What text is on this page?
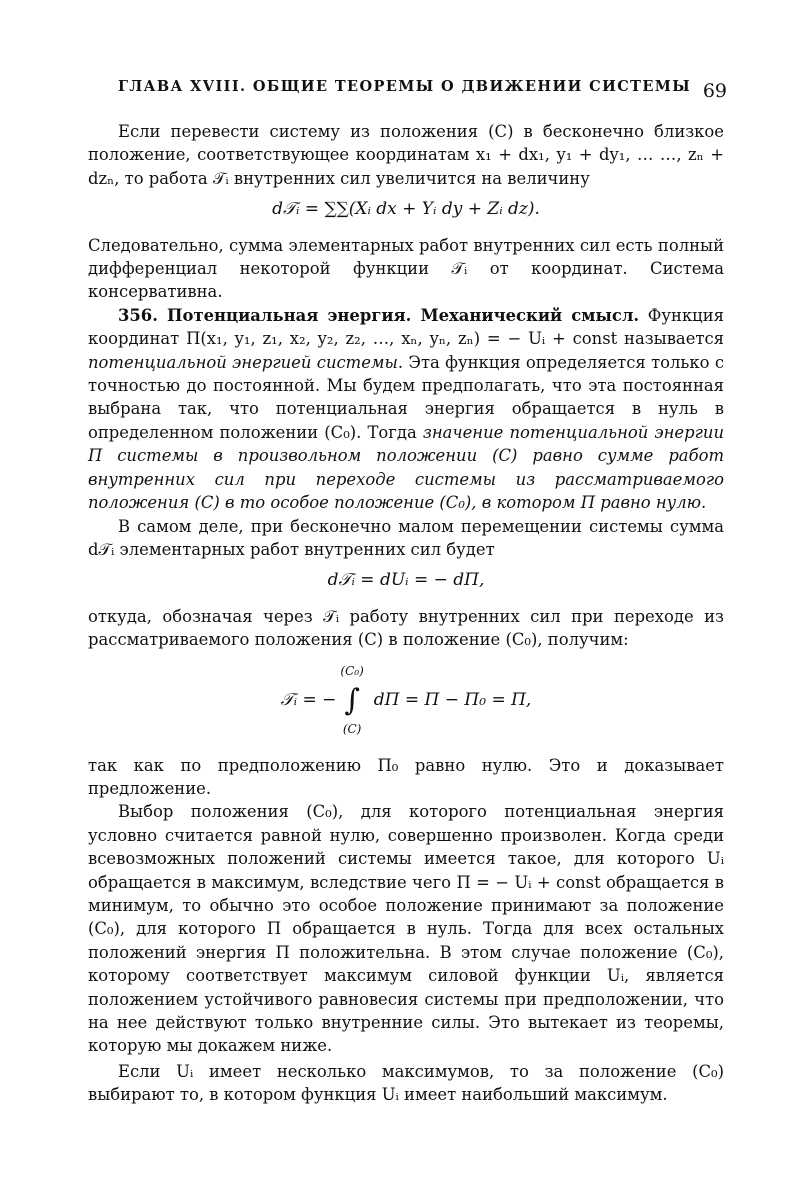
ГЛАВА XVIII. ОБЩИЕ ТЕОРЕМЫ О ДВИЖЕНИИ СИСТЕМЫ 69

Если перевести систему из положения (C) в бесконечно близкое положение, соответствующее координатам x₁ + dx₁, y₁ + dy₁, … …, zₙ + dzₙ, то работа 𝒯ᵢ внутренних сил увеличится на величину

d𝒯ᵢ = ∑∑(Xᵢ dx + Yᵢ dy + Zᵢ dz).

Следовательно, сумма элементарных работ внутренних сил есть полный дифференциал некоторой функции 𝒯ᵢ от координат. Система консервативна.

356. Потенциальная энергия. Механический смысл. Функция координат Π(x₁, y₁, z₁, x₂, y₂, z₂, …, xₙ, yₙ, zₙ) = − Uᵢ + const называется потенциальной энергией системы. Эта функция определяется только с точностью до постоянной. Мы будем предполагать, что эта постоянная выбрана так, что потенциальная энергия обращается в нуль в определенном положении (C₀). Тогда значение потенциальной энергии Π системы в произвольном положении (C) равно сумме работ внутренних сил при переходе системы из рассматриваемого положения (C) в то особое положение (C₀), в котором Π равно нулю.

В самом деле, при бесконечно малом перемещении системы сумма d𝒯ᵢ элементарных работ внутренних сил будет

d𝒯ᵢ = dUᵢ = − dΠ,

откуда, обозначая через 𝒯ᵢ работу внутренних сил при переходе из рассматриваемого положения (C) в положение (C₀), получим:

𝒯ᵢ = −
(C₀)
∫
(C)
dΠ = Π − Π₀ = Π,

так как по предположению Π₀ равно нулю. Это и доказывает предложение.

Выбор положения (C₀), для которого потенциальная энергия условно считается равной нулю, совершенно произволен. Когда среди всевозможных положений системы имеется такое, для которого Uᵢ обращается в максимум, вследствие чего Π = − Uᵢ + const обращается в минимум, то обычно это особое положение принимают за положение (C₀), для которого Π обращается в нуль. Тогда для всех остальных положений энергия Π положительна. В этом случае положение (C₀), которому соответствует максимум силовой функции Uᵢ, является положением устойчивого равновесия системы при предположении, что на нее действуют только внутренние силы. Это вытекает из теоремы, которую мы докажем ниже.

Если Uᵢ имеет несколько максимумов, то за положение (C₀) выбирают то, в котором функция Uᵢ имеет наибольший максимум.
